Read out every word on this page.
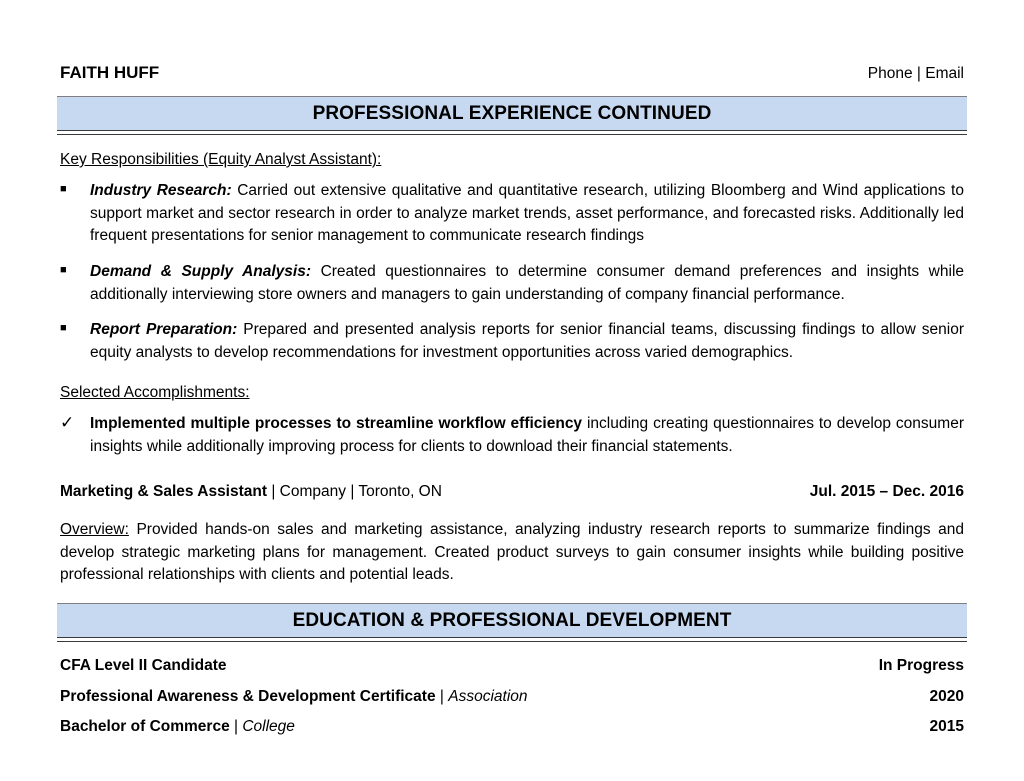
FAITH HUFF	Phone | Email
PROFESSIONAL EXPERIENCE CONTINUED
Key Responsibilities (Equity Analyst Assistant):
■	Industry Research: Carried out extensive qualitative and quantitative research, utilizing Bloomberg and Wind applications to support market and sector research in order to analyze market trends, asset performance, and forecasted risks. Additionally led frequent presentations for senior management to communicate research findings
■	Demand & Supply Analysis: Created questionnaires to determine consumer demand preferences and insights while additionally interviewing store owners and managers to gain understanding of company financial performance.
■	Report Preparation: Prepared and presented analysis reports for senior financial teams, discussing findings to allow senior equity analysts to develop recommendations for investment opportunities across varied demographics.
Selected Accomplishments:
✓	Implemented multiple processes to streamline workflow efficiency including creating questionnaires to develop consumer insights while additionally improving process for clients to download their financial statements.
Marketing & Sales Assistant | Company | Toronto, ON	Jul. 2015 – Dec. 2016
Overview: Provided hands-on sales and marketing assistance, analyzing industry research reports to summarize findings and develop strategic marketing plans for management. Created product surveys to gain consumer insights while building positive professional relationships with clients and potential leads.
EDUCATION & PROFESSIONAL DEVELOPMENT
CFA Level II Candidate	In Progress
Professional Awareness & Development Certificate | Association	2020
Bachelor of Commerce | College	2015
